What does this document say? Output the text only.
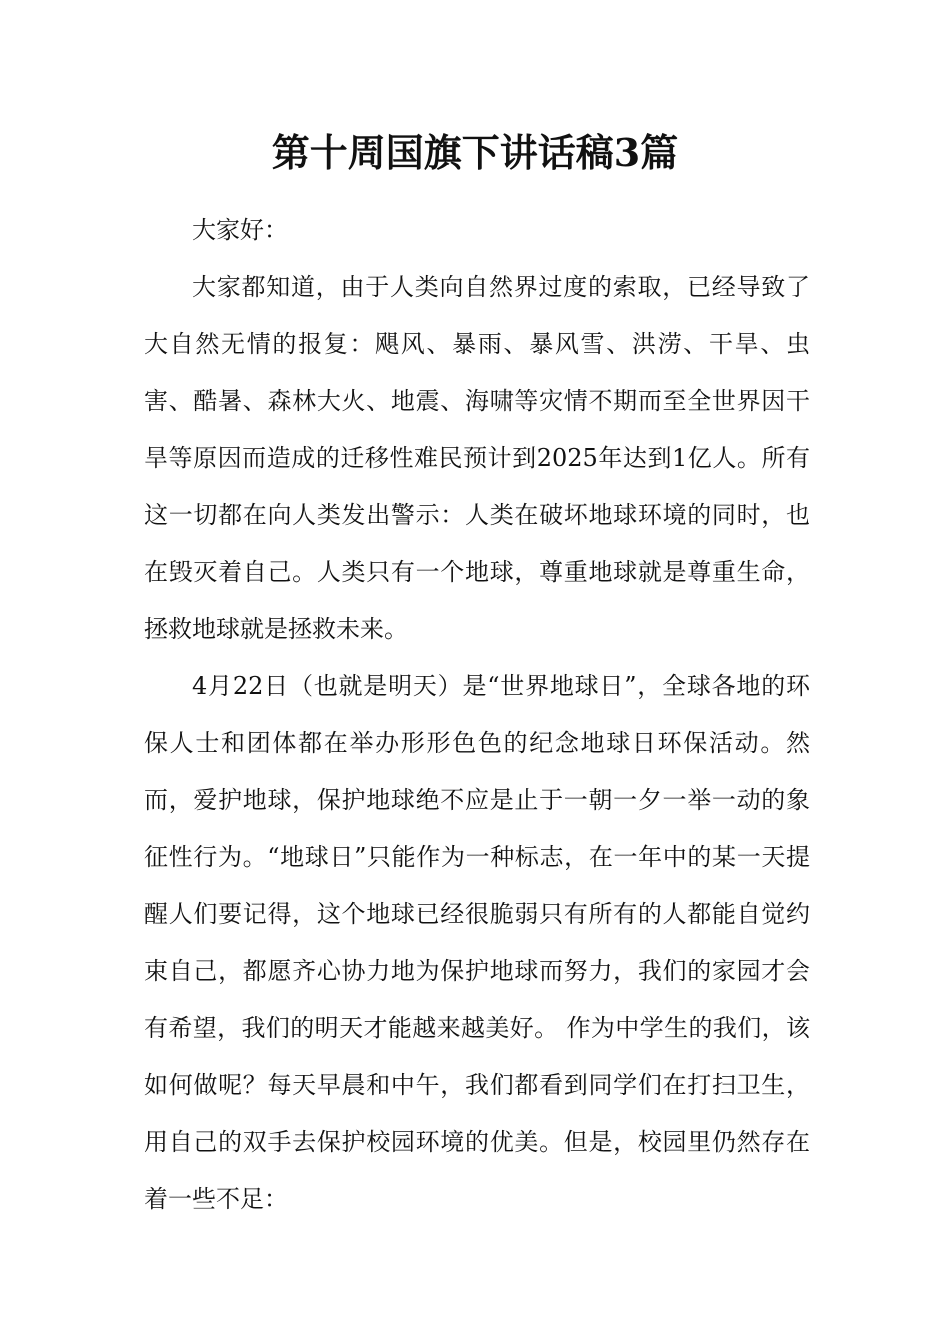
第十周国旗下讲话稿3篇

大家好：

大家都知道，由于人类向自然界过度的索取，已经导致了大自然无情的报复：飓风、暴雨、暴风雪、洪涝、干旱、虫害、酷暑、森林大火、地震、海啸等灾情不期而至全世界因干旱等原因而造成的迁移性难民预计到2025年达到1亿人。所有这一切都在向人类发出警示：人类在破坏地球环境的同时，也在毁灭着自己。人类只有一个地球，尊重地球就是尊重生命，拯救地球就是拯救未来。

4月22日（也就是明天）是“世界地球日”，全球各地的环保人士和团体都在举办形形色色的纪念地球日环保活动。然而，爱护地球，保护地球绝不应是止于一朝一夕一举一动的象征性行为。“地球日”只能作为一种标志，在一年中的某一天提醒人们要记得，这个地球已经很脆弱只有所有的人都能自觉约束自己，都愿齐心协力地为保护地球而努力，我们的家园才会有希望，我们的明天才能越来越美好。 作为中学生的我们，该如何做呢？每天早晨和中午，我们都看到同学们在打扫卫生，用自己的双手去保护校园环境的优美。但是，校园里仍然存在着一些不足：
